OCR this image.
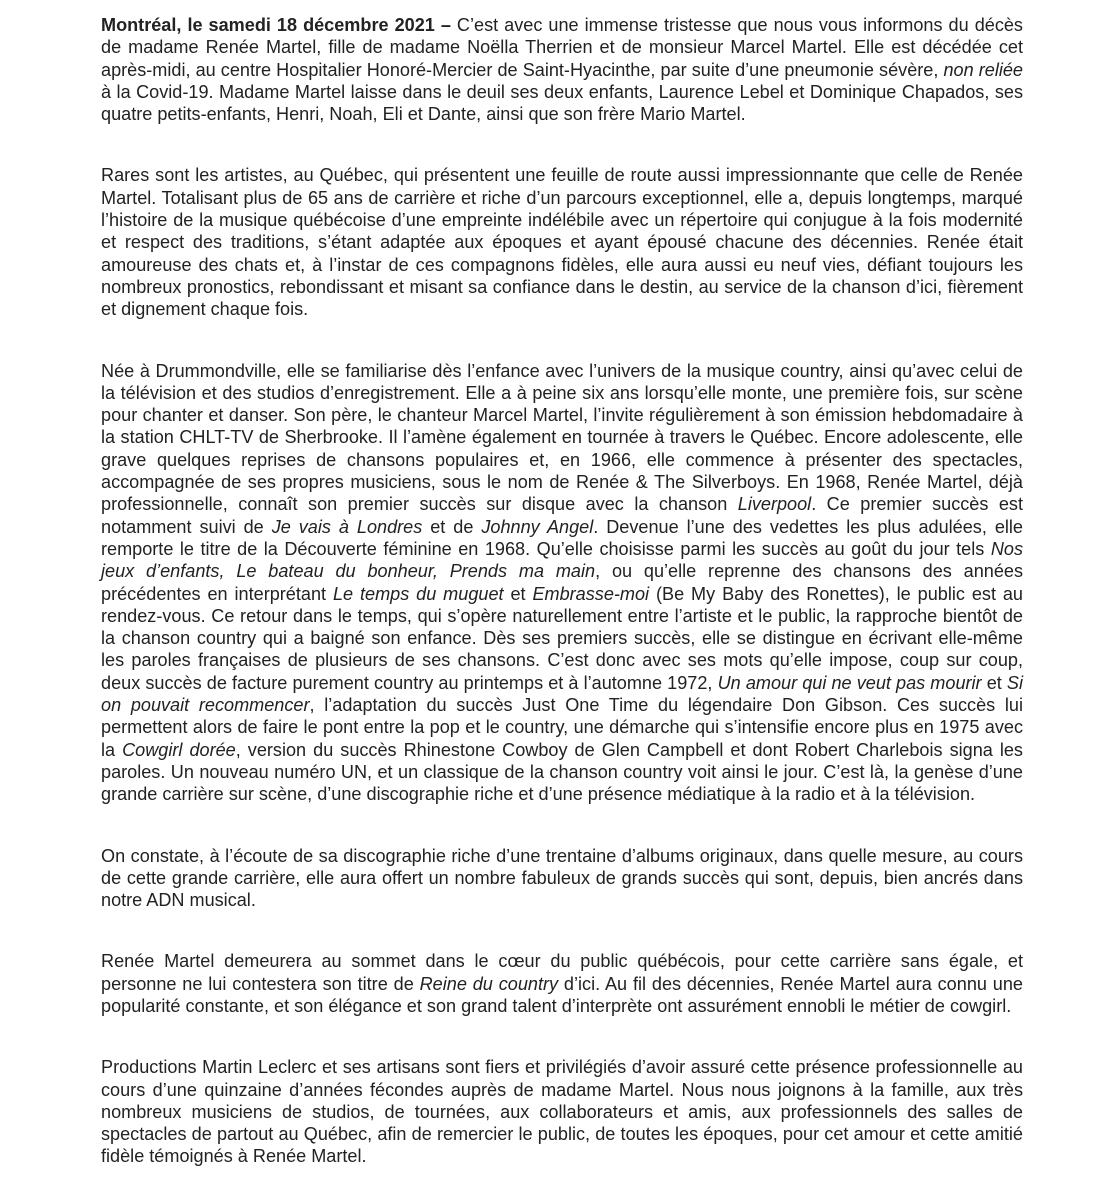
Montréal, le samedi 18 décembre 2021 – C’est avec une immense tristesse que nous vous informons du décès de madame Renée Martel, fille de madame Noëlla Therrien et de monsieur Marcel Martel. Elle est décédée cet après-midi, au centre Hospitalier Honoré-Mercier de Saint-Hyacinthe, par suite d’une pneumonie sévère, non reliée à la Covid-19. Madame Martel laisse dans le deuil ses deux enfants, Laurence Lebel et Dominique Chapados, ses quatre petits-enfants, Henri, Noah, Eli et Dante, ainsi que son frère Mario Martel.

Rares sont les artistes, au Québec, qui présentent une feuille de route aussi impressionnante que celle de Renée Martel. Totalisant plus de 65 ans de carrière et riche d’un parcours exceptionnel, elle a, depuis longtemps, marqué l’histoire de la musique québécoise d’une empreinte indélébile avec un répertoire qui conjugue à la fois modernité et respect des traditions, s’étant adaptée aux époques et ayant épousé chacune des décennies. Renée était amoureuse des chats et, à l’instar de ces compagnons fidèles, elle aura aussi eu neuf vies, défiant toujours les nombreux pronostics, rebondissant et misant sa confiance dans le destin, au service de la chanson d’ici, fièrement et dignement chaque fois.

Née à Drummondville, elle se familiarise dès l’enfance avec l’univers de la musique country, ainsi qu’avec celui de la télévision et des studios d’enregistrement. Elle a à peine six ans lorsqu’elle monte, une première fois, sur scène pour chanter et danser. Son père, le chanteur Marcel Martel, l’invite régulièrement à son émission hebdomadaire à la station CHLT-TV de Sherbrooke. Il l’amène également en tournée à travers le Québec. Encore adolescente, elle grave quelques reprises de chansons populaires et, en 1966, elle commence à présenter des spectacles, accompagnée de ses propres musiciens, sous le nom de Renée & The Silverboys. En 1968, Renée Martel, déjà professionnelle, connaît son premier succès sur disque avec la chanson Liverpool. Ce premier succès est notamment suivi de Je vais à Londres et de Johnny Angel. Devenue l’une des vedettes les plus adulées, elle remporte le titre de la Découverte féminine en 1968. Qu’elle choisisse parmi les succès au goût du jour tels Nos jeux d’enfants, Le bateau du bonheur, Prends ma main, ou qu’elle reprenne des chansons des années précédentes en interprétant Le temps du muguet et Embrasse-moi (Be My Baby des Ronettes), le public est au rendez-vous. Ce retour dans le temps, qui s’opère naturellement entre l’artiste et le public, la rapproche bientôt de la chanson country qui a baigné son enfance. Dès ses premiers succès, elle se distingue en écrivant elle-même les paroles françaises de plusieurs de ses chansons. C’est donc avec ses mots qu’elle impose, coup sur coup, deux succès de facture purement country au printemps et à l’automne 1972, Un amour qui ne veut pas mourir et Si on pouvait recommencer, l’adaptation du succès Just One Time du légendaire Don Gibson. Ces succès lui permettent alors de faire le pont entre la pop et le country, une démarche qui s’intensifie encore plus en 1975 avec la Cowgirl dorée, version du succès Rhinestone Cowboy de Glen Campbell et dont Robert Charlebois signa les paroles. Un nouveau numéro UN, et un classique de la chanson country voit ainsi le jour. C’est là, la genèse d’une grande carrière sur scène, d’une discographie riche et d’une présence médiatique à la radio et à la télévision.

On constate, à l’écoute de sa discographie riche d’une trentaine d’albums originaux, dans quelle mesure, au cours de cette grande carrière, elle aura offert un nombre fabuleux de grands succès qui sont, depuis, bien ancrés dans notre ADN musical.

Renée Martel demeurera au sommet dans le cœur du public québécois, pour cette carrière sans égale, et personne ne lui contestera son titre de Reine du country d’ici. Au fil des décennies, Renée Martel aura connu une popularité constante, et son élégance et son grand talent d’interprète ont assurément ennobli le métier de cowgirl.

Productions Martin Leclerc et ses artisans sont fiers et privilégiés d’avoir assuré cette présence professionnelle au cours d’une quinzaine d’années fécondes auprès de madame Martel. Nous nous joignons à la famille, aux très nombreux musiciens de studios, de tournées, aux collaborateurs et amis, aux professionnels des salles de spectacles de partout au Québec, afin de remercier le public, de toutes les époques, pour cet amour et cette amitié fidèle témoignés à Renée Martel.
